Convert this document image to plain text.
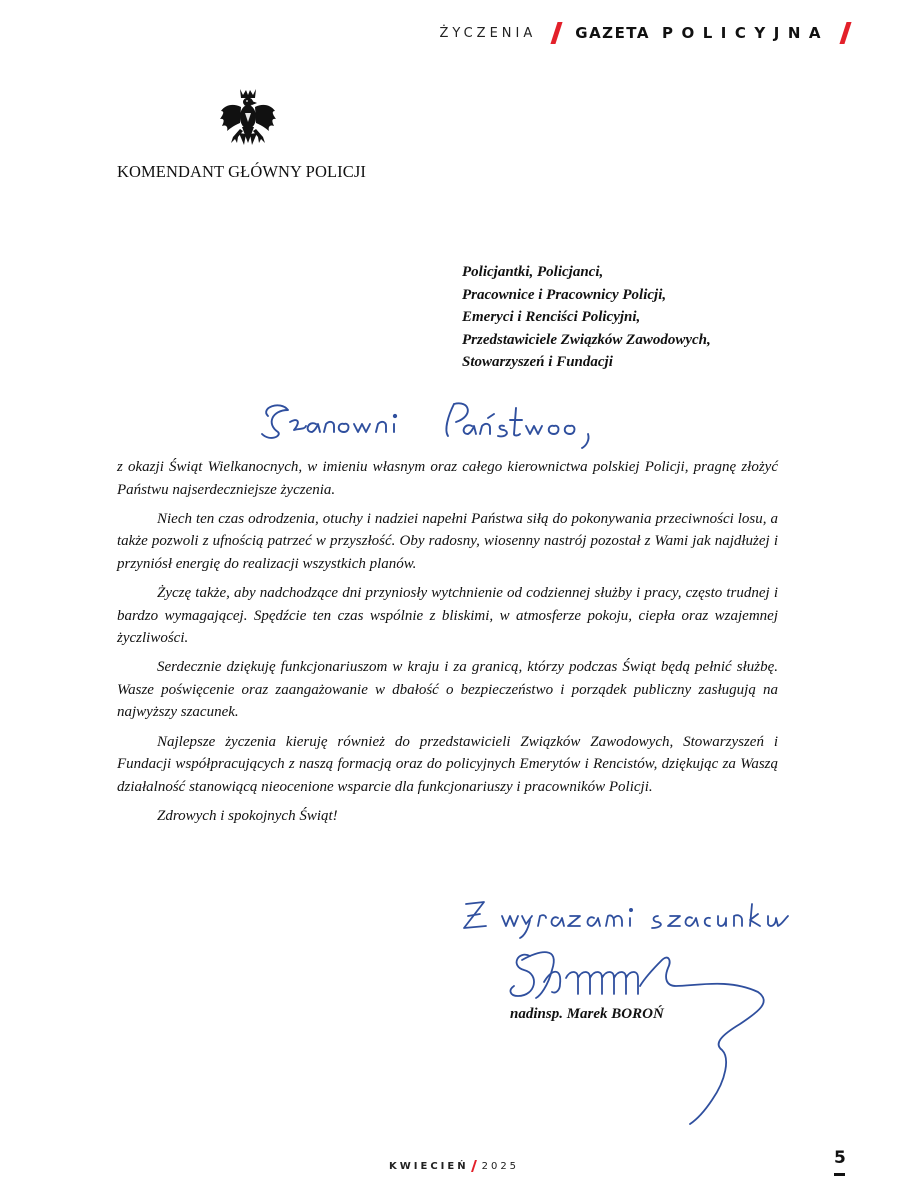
ŻYCZENIA	GAZETA POLICYJNA
KOMENDANT GŁÓWNY POLICJI
Policjantki, Policjanci,
Pracownice i Pracownicy Policji,
Emeryci i Renciści Policyjni,
Przedstawiciele Związków Zawodowych,
Stowarzyszeń i Fundacji

z okazji Świąt Wielkanocnych, w imieniu własnym oraz całego kierownictwa polskiej Policji, pragnę złożyć Państwu najserdeczniejsze życzenia.

Niech ten czas odrodzenia, otuchy i nadziei napełni Państwa siłą do pokonywania przeciwności losu, a także pozwoli z ufnością patrzeć w przyszłość. Oby radosny, wiosenny nastrój pozostał z Wami jak najdłużej i przyniósł energię do realizacji wszystkich planów.

Życzę także, aby nadchodzące dni przyniosły wytchnienie od codziennej służby i pracy, często trudnej i bardzo wymagającej. Spędźcie ten czas wspólnie z bliskimi, w atmosferze pokoju, ciepła oraz wzajemnej życzliwości.

Serdecznie dziękuję funkcjonariuszom w kraju i za granicą, którzy podczas Świąt będą pełnić służbę. Wasze poświęcenie oraz zaangażowanie w dbałość o bezpieczeństwo i porządek publiczny zasługują na najwyższy szacunek.

Najlepsze życzenia kieruję również do przedstawicieli Związków Zawodowych, Stowarzyszeń i Fundacji współpracujących z naszą formacją oraz do policyjnych Emerytów i Rencistów, dziękując za Waszą działalność stanowiącą nieocenione wsparcie dla funkcjonariuszy i pracowników Policji.

Zdrowych i spokojnych Świąt!

nadinsp. Marek BOROŃ
KWIECIEŃ 2025	5
